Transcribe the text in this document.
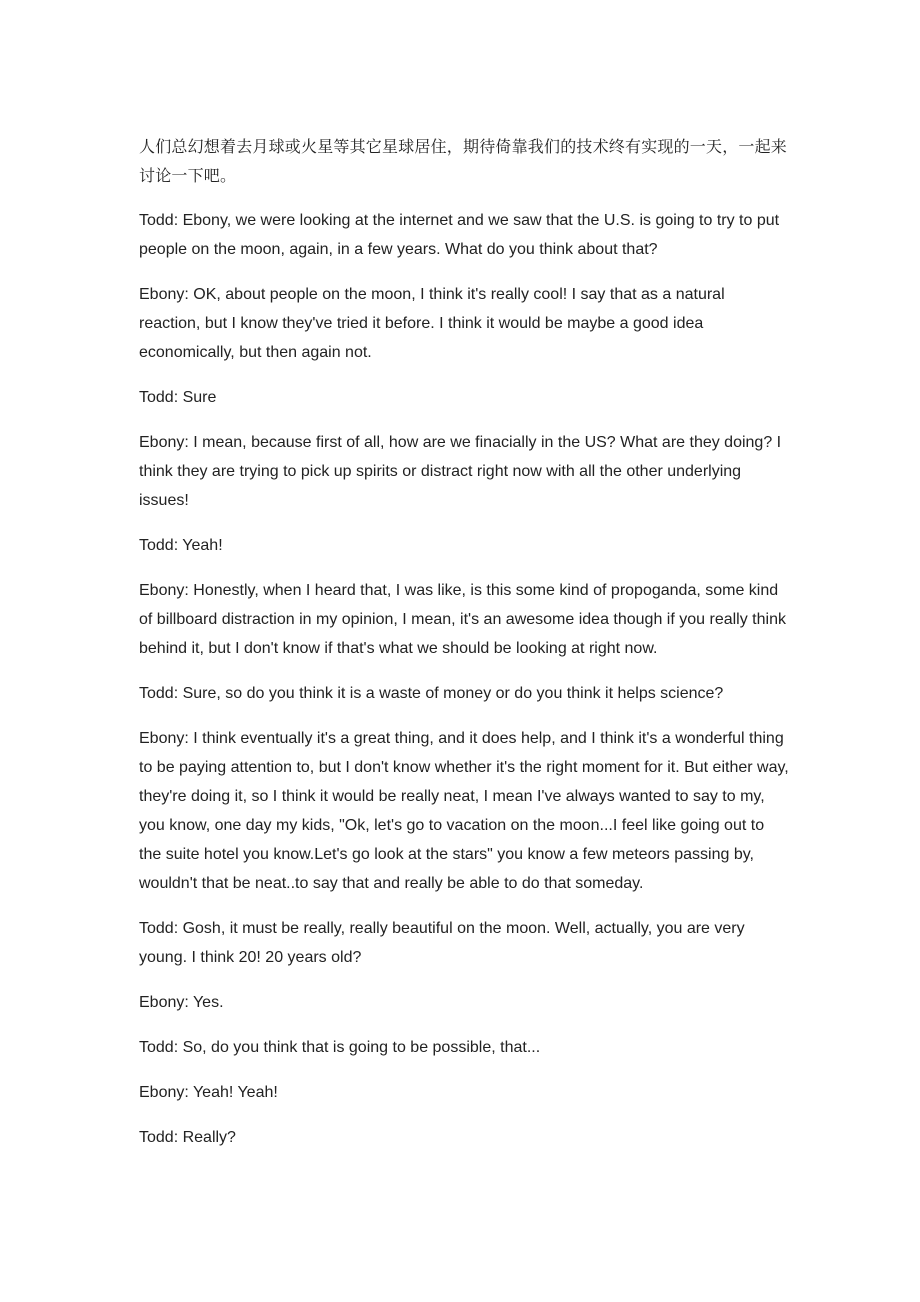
人们总幻想着去月球或火星等其它星球居住，期待倚靠我们的技术终有实现的一天，一起来讨论一下吧。

Todd: Ebony, we were looking at the internet and we saw that the U.S. is going to try to put people on the moon, again, in a few years. What do you think about that?

Ebony: OK, about people on the moon, I think it's really cool! I say that as a natural reaction, but I know they've tried it before. I think it would be maybe a good idea economically, but then again not.

Todd: Sure

Ebony: I mean, because first of all, how are we finacially in the US? What are they doing? I think they are trying to pick up spirits or distract right now with all the other underlying issues!

Todd: Yeah!

Ebony: Honestly, when I heard that, I was like, is this some kind of propoganda, some kind of billboard distraction in my opinion, I mean, it's an awesome idea though if you really think behind it, but I don't know if that's what we should be looking at right now.

Todd: Sure, so do you think it is a waste of money or do you think it helps science?

Ebony: I think eventually it's a great thing, and it does help, and I think it's a wonderful thing to be paying attention to, but I don't know whether it's the right moment for it. But either way, they're doing it, so I think it would be really neat, I mean I've always wanted to say to my, you know, one day my kids, "Ok, let's go to vacation on the moon...I feel like going out to the suite hotel you know.Let's go look at the stars" you know a few meteors passing by, wouldn't that be neat..to say that and really be able to do that someday.

Todd: Gosh, it must be really, really beautiful on the moon. Well, actually, you are very young. I think 20! 20 years old?

Ebony: Yes.

Todd: So, do you think that is going to be possible, that...

Ebony: Yeah! Yeah!

Todd: Really?
